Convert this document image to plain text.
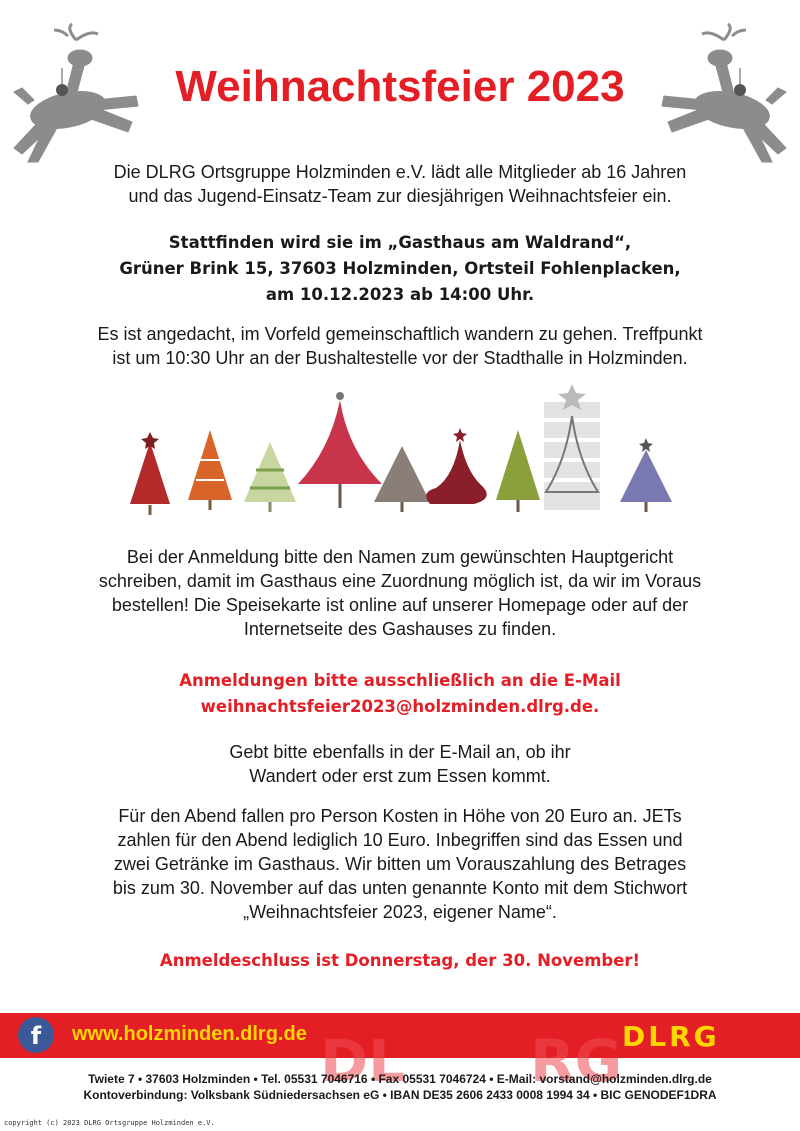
Weihnachtsfeier 2023
Die DLRG Ortsgruppe Holzminden e.V. lädt alle Mitglieder ab 16 Jahren
und das Jugend-Einsatz-Team zur diesjährigen Weihnachtsfeier ein.
Stattfinden wird sie im „Gasthaus am Waldrand“,
Grüner Brink 15, 37603 Holzminden, Ortsteil Fohlenplacken,
am 10.12.2023 ab 14:00 Uhr.
Es ist angedacht, im Vorfeld gemeinschaftlich wandern zu gehen. Treffpunkt
ist um 10:30 Uhr an der Bushaltestelle vor der Stadthalle in Holzminden.
Bei der Anmeldung bitte den Namen zum gewünschten Hauptgericht
schreiben, damit im Gasthaus eine Zuordnung möglich ist, da wir im Voraus
bestellen! Die Speisekarte ist online auf unserer Homepage oder auf der
Internetseite des Gashauses zu finden.
Anmeldungen bitte ausschließlich an die E-Mail
weihnachtsfeier2023@holzminden.dlrg.de.
Gebt bitte ebenfalls in der E-Mail an, ob ihr
Wandert oder erst zum Essen kommt.
Für den Abend fallen pro Person Kosten in Höhe von 20 Euro an. JETs
zahlen für den Abend lediglich 10 Euro. Inbegriffen sind das Essen und
zwei Getränke im Gasthaus. Wir bitten um Vorauszahlung des Betrages
bis zum 30. November auf das unten genannte Konto mit dem Stichwort
„Weihnachtsfeier 2023, eigener Name“.
Anmeldeschluss ist Donnerstag, der 30. November!
DL RG
f	www.holzminden.dlrg.de	DLRG
Twiete 7 • 37603 Holzminden • Tel. 05531 7046716 • Fax 05531 7046724 • E-Mail: vorstand@holzminden.dlrg.de
Kontoverbindung: Volksbank Südniedersachsen eG • IBAN DE35 2606 2433 0008 1994 34 • BIC GENODEF1DRA
copyright (c) 2023 DLRG Ortsgruppe Holzminden e.V.
